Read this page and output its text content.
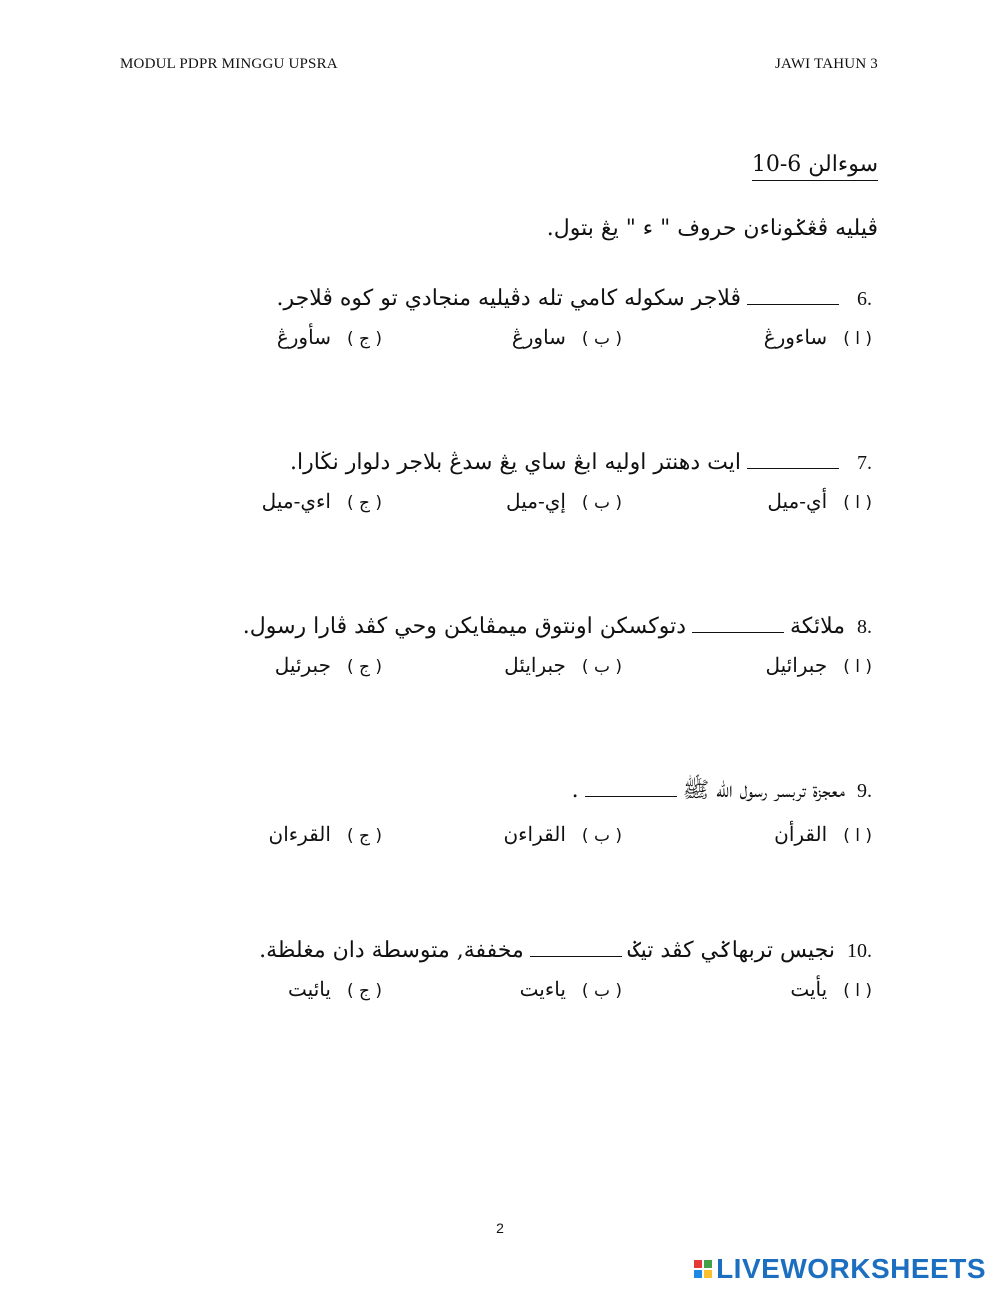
MODUL PDPR MINGGU UPSRA	JAWI TAHUN 3
سوءالن 6-10
ڤيليه ڤڠݢوناءن حروف " ء " يڠ بتول.
6.
ڤلاجر سکوله کامي تله دڤيليه منجادي تو كوه ڤلاجر.
( ا )ساءورڠ
( ب )ساورڠ
( ج )سأورڠ
7.
ايت دهنتر اوليه ابڠ ساي يڠ سدڠ بلاجر دلوار نڬارا.
( ا )أي-ميل
( ب )إي-ميل
( ج )اءي-ميل
8.
ملائكة
دتوکسکن اونتوق ميمڤايکن وحي کڤد ڤارا رسول.
( ا )جبرائيل
( ب )جبرايئل
( ج )جبرئيل
9.
معجزة تربسر رسول الله ﷺ
.
( ا )القرأن
( ب )القراءن
( ج )القرءان
10.
نجيس تربهاݢي کڤد تيݢ
مخففة, متوسطة دان مغلظة.
( ا )يأيت
( ب )ياءيت
( ج )يائيت
2
LIVEWORKSHEETS
